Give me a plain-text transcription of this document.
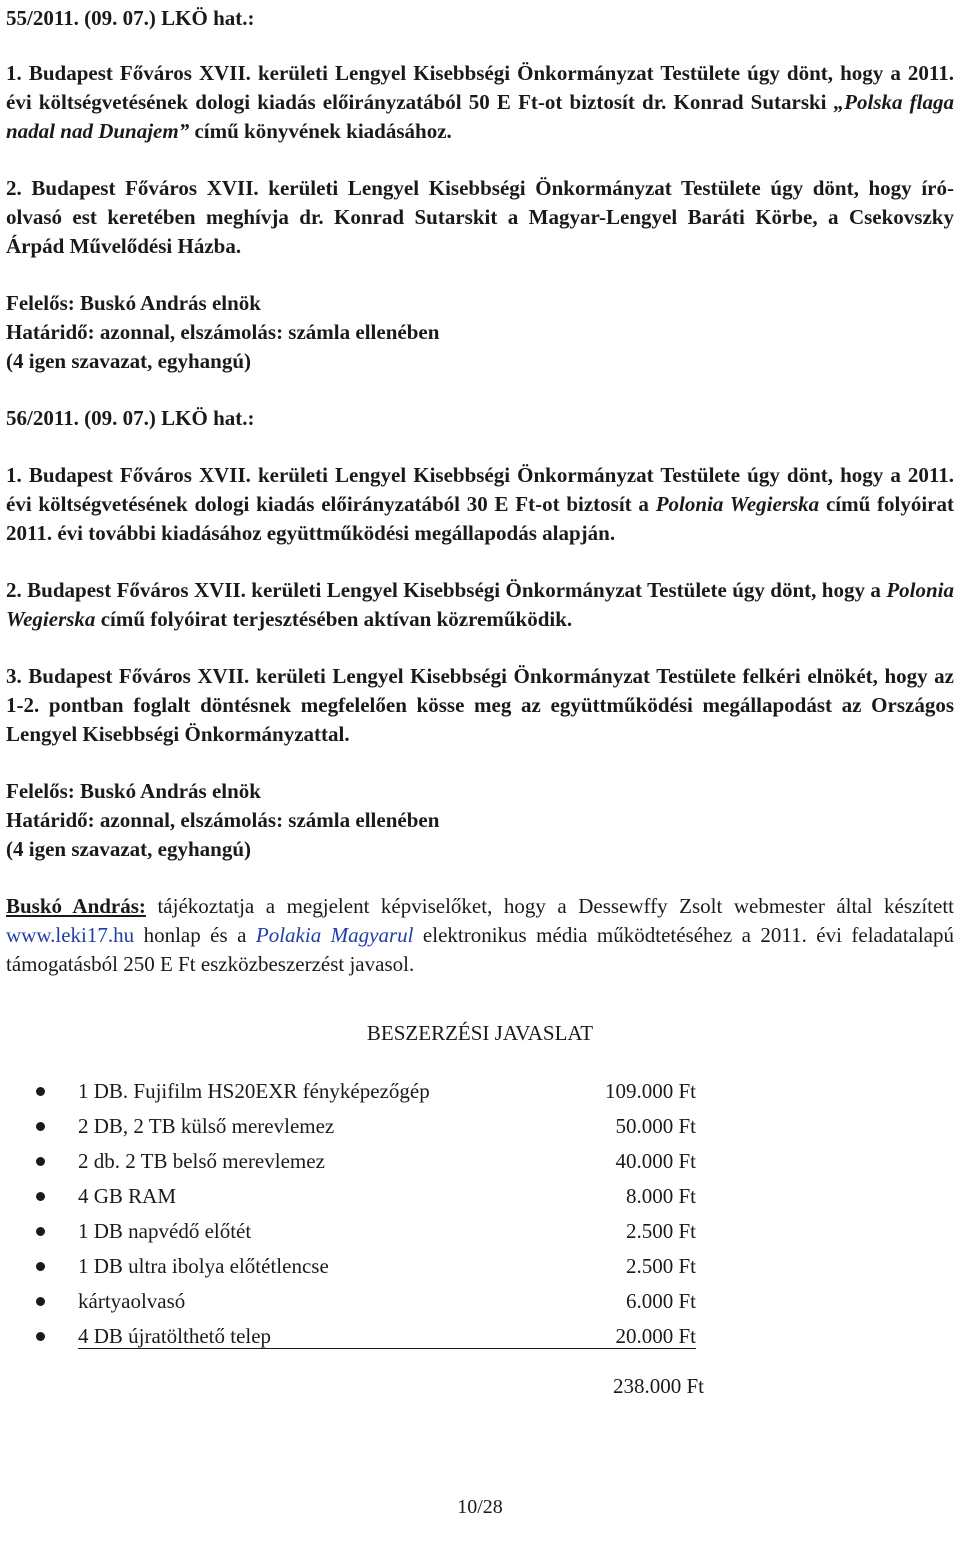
55/2011. (09. 07.) LKÖ hat.:

1. Budapest Főváros XVII. kerületi Lengyel Kisebbségi Önkormányzat Testülete úgy dönt, hogy a 2011. évi költségvetésének dologi kiadás előirányzatából 50 E Ft-ot biztosít dr. Konrad Sutarski „Polska flaga nadal nad Dunajem” című könyvének kiadásához.

2. Budapest Főváros XVII. kerületi Lengyel Kisebbségi Önkormányzat Testülete úgy dönt, hogy író-olvasó est keretében meghívja dr. Konrad Sutarskit a Magyar-Lengyel Baráti Körbe, a Csekovszky Árpád Művelődési Házba.

Felelős: Buskó András elnök

Határidő: azonnal, elszámolás: számla ellenében

(4 igen szavazat, egyhangú)

56/2011. (09. 07.) LKÖ hat.:

1. Budapest Főváros XVII. kerületi Lengyel Kisebbségi Önkormányzat Testülete úgy dönt, hogy a 2011. évi költségvetésének dologi kiadás előirányzatából 30 E Ft-ot biztosít a Polonia Wegierska című folyóirat 2011. évi további kiadásához együttműködési megállapodás alapján.

2. Budapest Főváros XVII. kerületi Lengyel Kisebbségi Önkormányzat Testülete úgy dönt, hogy a Polonia Wegierska című folyóirat terjesztésében aktívan közreműködik.

3. Budapest Főváros XVII. kerületi Lengyel Kisebbségi Önkormányzat Testülete felkéri elnökét, hogy az 1-2. pontban foglalt döntésnek megfelelően kösse meg az együttműködési megállapodást az Országos Lengyel Kisebbségi Önkormányzattal.

Felelős: Buskó András elnök

Határidő: azonnal, elszámolás: számla ellenében

(4 igen szavazat, egyhangú)

Buskó András: tájékoztatja a megjelent képviselőket, hogy a Dessewffy Zsolt webmester által készített www.leki17.hu honlap és a Polakia Magyarul elektronikus média működtetéséhez a 2011. évi feladatalapú támogatásból 250 E Ft eszközbeszerzést javasol.

BESZERZÉSI JAVASLAT

1 DB. Fujifilm HS20EXR fényképezőgép	109.000 Ft
2 DB, 2 TB külső merevlemez	50.000 Ft
2 db. 2 TB belső merevlemez	40.000 Ft
4 GB RAM	8.000 Ft
1 DB napvédő előtét	2.500 Ft
1 DB ultra ibolya előtétlencse	2.500 Ft
kártyaolvasó	6.000 Ft
4 DB újratölthető telep	20.000 Ft
238.000 Ft
10/28
